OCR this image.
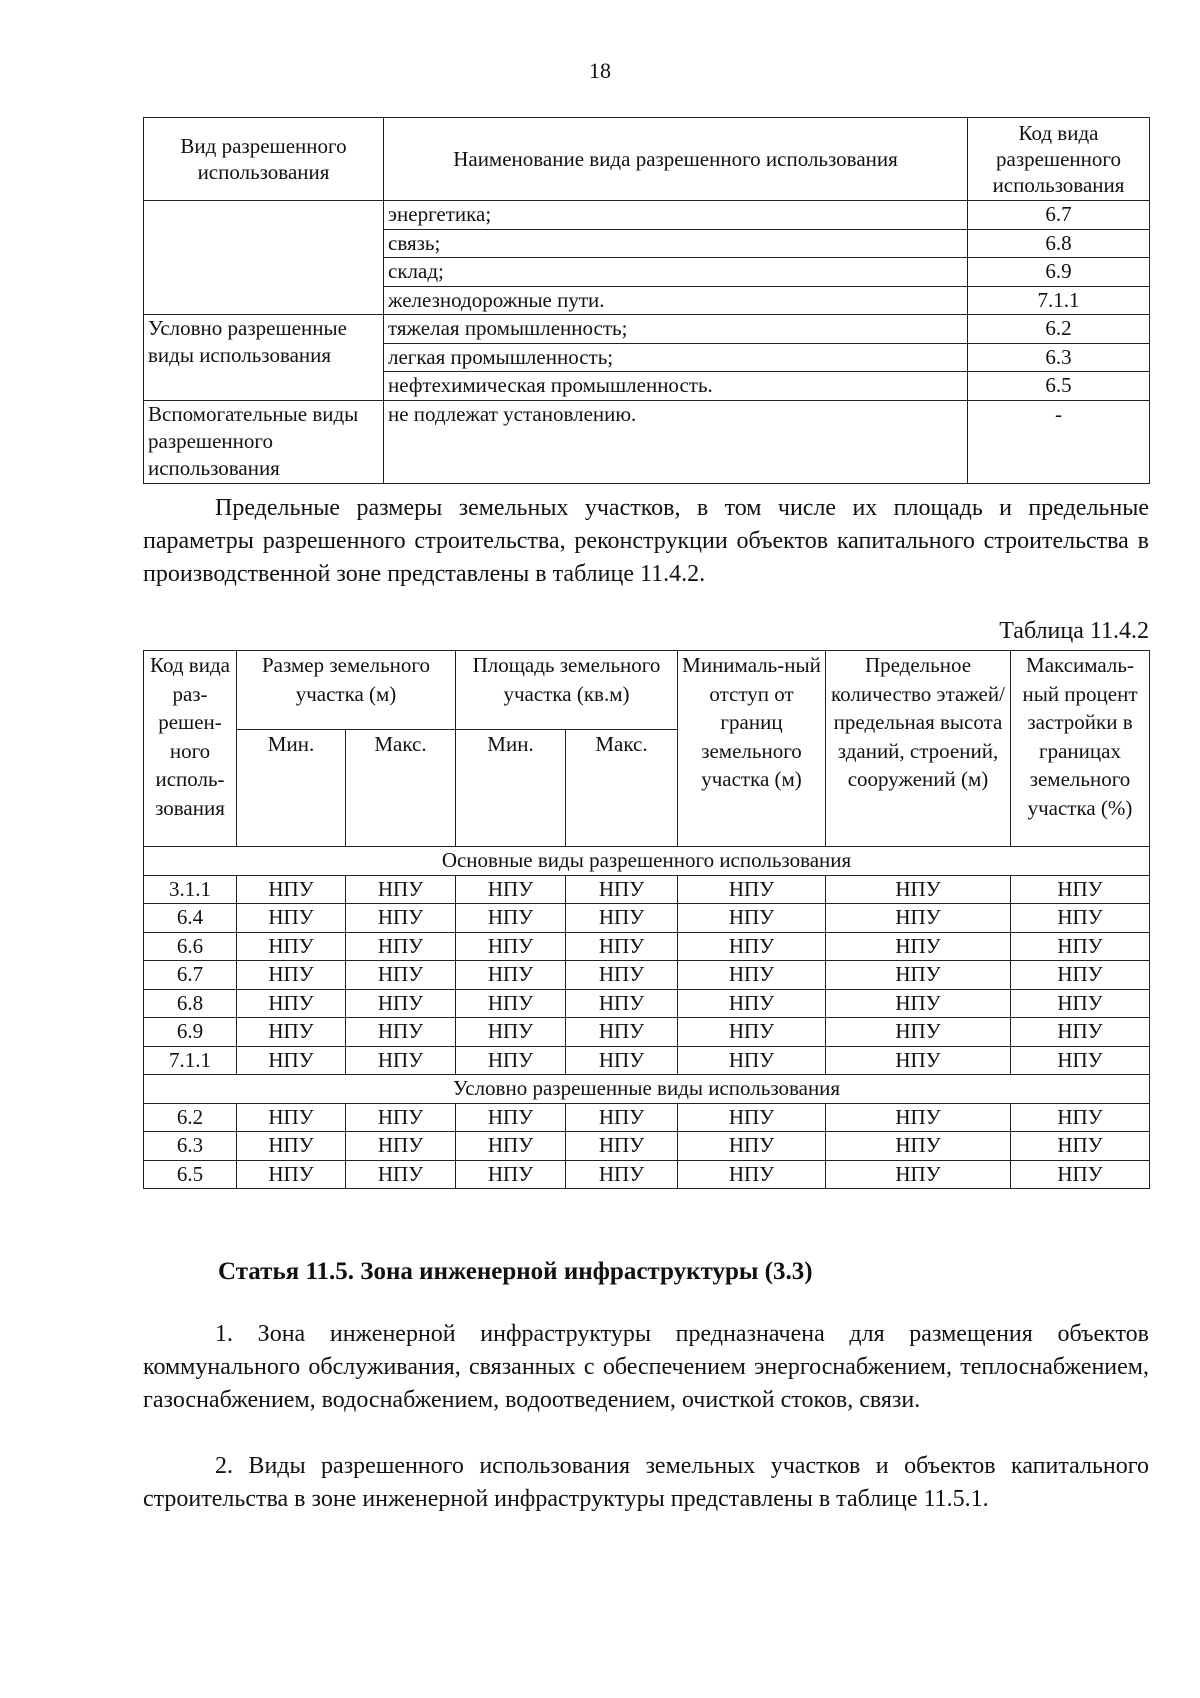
18
Вид разрешенного использования	Наименование вида разрешенного использования	Код вида разрешенного использования
	энергетика;	6.7
	связь;	6.8
	склад;	6.9
	железнодорожные пути.	7.1.1
Условно разрешенные виды использования	тяжелая промышленность;	6.2
	легкая промышленность;	6.3
	нефтехимическая промышленность.	6.5
Вспомогательные виды разрешенного использования	не подлежат установлению.	-
Предельные размеры земельных участков, в том числе их площадь и предельные параметры разрешенного строительства, реконструкции объектов капитального строительства в производственной зоне представлены в таблице 11.4.2.
Таблица 11.4.2
Код вида раз-решен-ного исполь-зования	Размер земельного участка (м)		Площадь земельного участка (кв.м)		Минималь-ный отступ от границ земельного участка (м)	Предельное количество этажей/ предельная высота зданий, строений, сооружений (м)	Максималь-ный процент застройки в границах земельного участка (%)
	Мин.	Макс.	Мин.	Макс.			
Основные виды разрешенного использования							
3.1.1	НПУ	НПУ	НПУ	НПУ	НПУ	НПУ	НПУ
6.4	НПУ	НПУ	НПУ	НПУ	НПУ	НПУ	НПУ
6.6	НПУ	НПУ	НПУ	НПУ	НПУ	НПУ	НПУ
6.7	НПУ	НПУ	НПУ	НПУ	НПУ	НПУ	НПУ
6.8	НПУ	НПУ	НПУ	НПУ	НПУ	НПУ	НПУ
6.9	НПУ	НПУ	НПУ	НПУ	НПУ	НПУ	НПУ
7.1.1	НПУ	НПУ	НПУ	НПУ	НПУ	НПУ	НПУ
Условно разрешенные виды использования							
6.2	НПУ	НПУ	НПУ	НПУ	НПУ	НПУ	НПУ
6.3	НПУ	НПУ	НПУ	НПУ	НПУ	НПУ	НПУ
6.5	НПУ	НПУ	НПУ	НПУ	НПУ	НПУ	НПУ
Статья 11.5. Зона инженерной инфраструктуры (3.3)
1. Зона инженерной инфраструктуры предназначена для размещения объектов коммунального обслуживания, связанных с обеспечением энергоснабжением, теплоснабжением, газоснабжением, водоснабжением, водоотведением, очисткой стоков, связи.
2. Виды разрешенного использования земельных участков и объектов капитального строительства в зоне инженерной инфраструктуры представлены в таблице 11.5.1.
